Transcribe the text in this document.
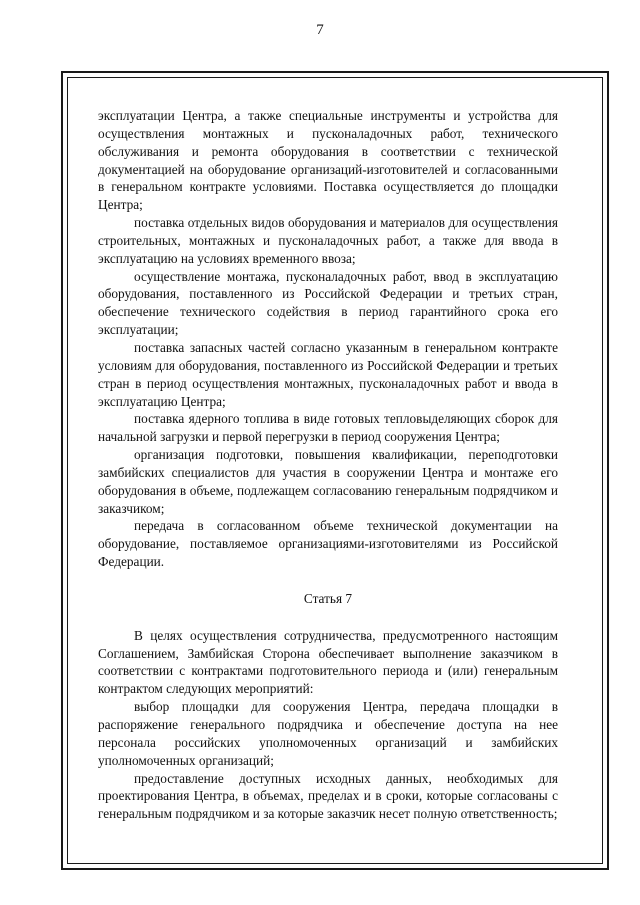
7

эксплуатации Центра, а также специальные инструменты и устройства для осуществления монтажных и пусконаладочных работ, технического обслуживания и ремонта оборудования в соответствии с технической документацией на оборудование организаций-изготовителей и согласованными в генеральном контракте условиями. Поставка осуществляется до площадки Центра;

поставка отдельных видов оборудования и материалов для осуществления строительных, монтажных и пусконаладочных работ, а также для ввода в эксплуатацию на условиях временного ввоза;

осуществление монтажа, пусконаладочных работ, ввод в эксплуатацию оборудования, поставленного из Российской Федерации и третьих стран, обеспечение технического содействия в период гарантийного срока его эксплуатации;

поставка запасных частей согласно указанным в генеральном контракте условиям для оборудования, поставленного из Российской Федерации и третьих стран в период осуществления монтажных, пусконаладочных работ и ввода в эксплуатацию Центра;

поставка ядерного топлива в виде готовых тепловыделяющих сборок для начальной загрузки и первой перегрузки в период сооружения Центра;

организация подготовки, повышения квалификации, переподготовки замбийских специалистов для участия в сооружении Центра и монтаже его оборудования в объеме, подлежащем согласованию генеральным подрядчиком и заказчиком;

передача в согласованном объеме технической документации на оборудование, поставляемое организациями-изготовителями из Российской Федерации.

Статья 7

В целях осуществления сотрудничества, предусмотренного настоящим Соглашением, Замбийская Сторона обеспечивает выполнение заказчиком в соответствии с контрактами подготовительного периода и (или) генеральным контрактом следующих мероприятий:

выбор площадки для сооружения Центра, передача площадки в распоряжение генерального подрядчика и обеспечение доступа на нее персонала российских уполномоченных организаций и замбийских уполномоченных организаций;

предоставление доступных исходных данных, необходимых для проектирования Центра, в объемах, пределах и в сроки, которые согласованы с генеральным подрядчиком и за которые заказчик несет полную ответственность;
